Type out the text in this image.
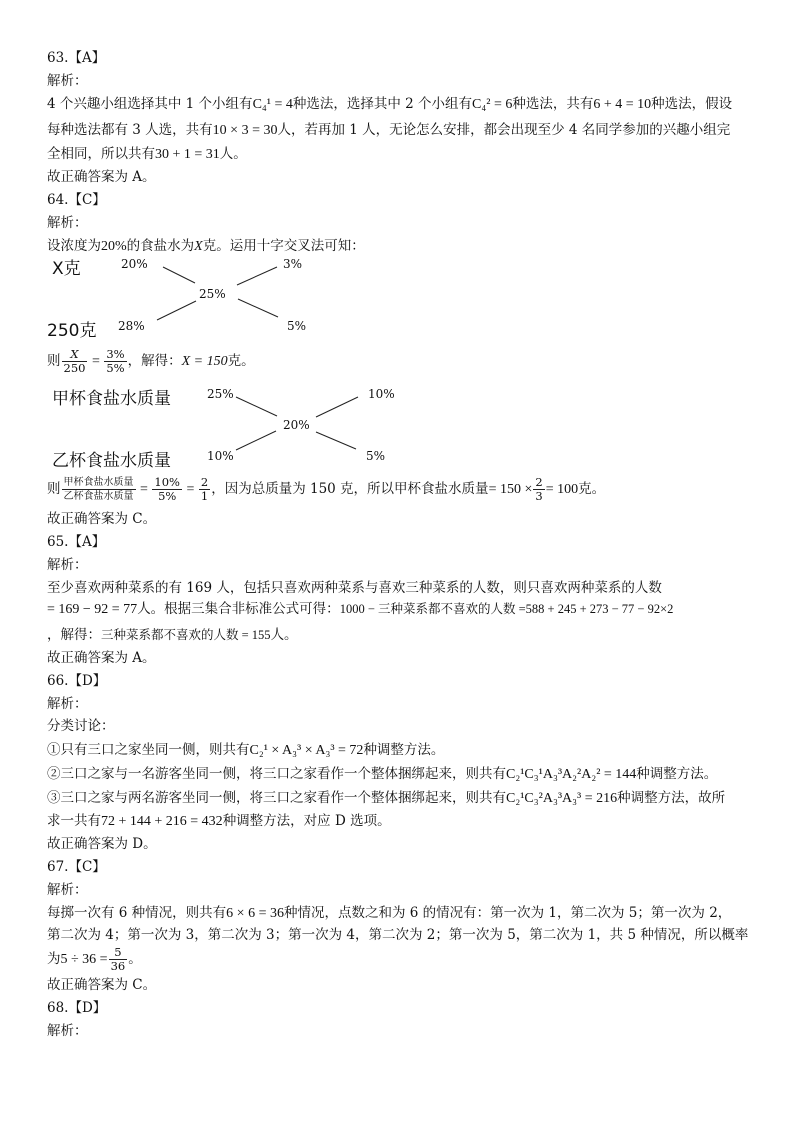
63.【A】
解析：
4 个兴趣小组选择其中 1 个小组有C₄¹ = 4种选法，选择其中 2 个小组有C₄² = 6种选法，共有6 + 4 = 10种选法，假设
每种选法都有 3 人选，共有10 × 3 = 30人，若再加 1 人，无论怎么安排，都会出现至少 4 名同学参加的兴趣小组完
全相同，所以共有30 + 1 = 31人。
故正确答案为 A。
64.【C】
解析：
设浓度为20%的食盐水为X克。运用十字交叉法可知：
X克	20%	3%
25%
250克 28%	5%
则 $\frac{X}{250} = \frac{3\%}{5\%}$ ，解得：X = 150克。
甲杯食盐水质量	25%	10%
20%
乙杯食盐水质量	10%	5%
则 $\frac{\text{甲杯食盐水质量}}{\text{乙杯食盐水质量}} = \frac{10\%}{5\%} = \frac{2}{1}$ ，因为总质量为 150 克，所以甲杯食盐水质量= $150 \times \frac{2}{3} = 100$克。
故正确答案为 C。
65.【A】
解析：
至少喜欢两种菜系的有 169 人，包括只喜欢两种菜系与喜欢三种菜系的人数，则只喜欢两种菜系的人数
= 169 − 92 = 77人。根据三集合非标准公式可得：1000 − 三种菜系都不喜欢的人数 =588 + 245 + 273 − 77 − 92×2
，解得：三种菜系都不喜欢的人数 = 155人。
故正确答案为 A。
66.【D】
解析：
分类讨论：
①只有三口之家坐同一侧，则共有C₂¹ × A₃³ × A₃³ = 72种调整方法。
②三口之家与一名游客坐同一侧，将三口之家看作一个整体捆绑起来，则共有C₂¹C₃¹A₃³A₂²A₂² = 144种调整方法。
③三口之家与两名游客坐同一侧，将三口之家看作一个整体捆绑起来，则共有C₂¹C₃²A₃³A₃³ = 216种调整方法，故所
求一共有72 + 144 + 216 = 432种调整方法，对应 D 选项。
故正确答案为 D。
67.【C】
解析：
每掷一次有 6 种情况，则共有6 × 6 = 36种情况，点数之和为 6 的情况有：第一次为 1，第二次为 5；第一次为 2，
第二次为 4；第一次为 3，第二次为 3；第一次为 4，第二次为 2；第一次为 5，第二次为 1，共 5 种情况，所以概率
为$5 \div 36 = \frac{5}{36}$ 。
故正确答案为 C。
68.【D】
解析：
